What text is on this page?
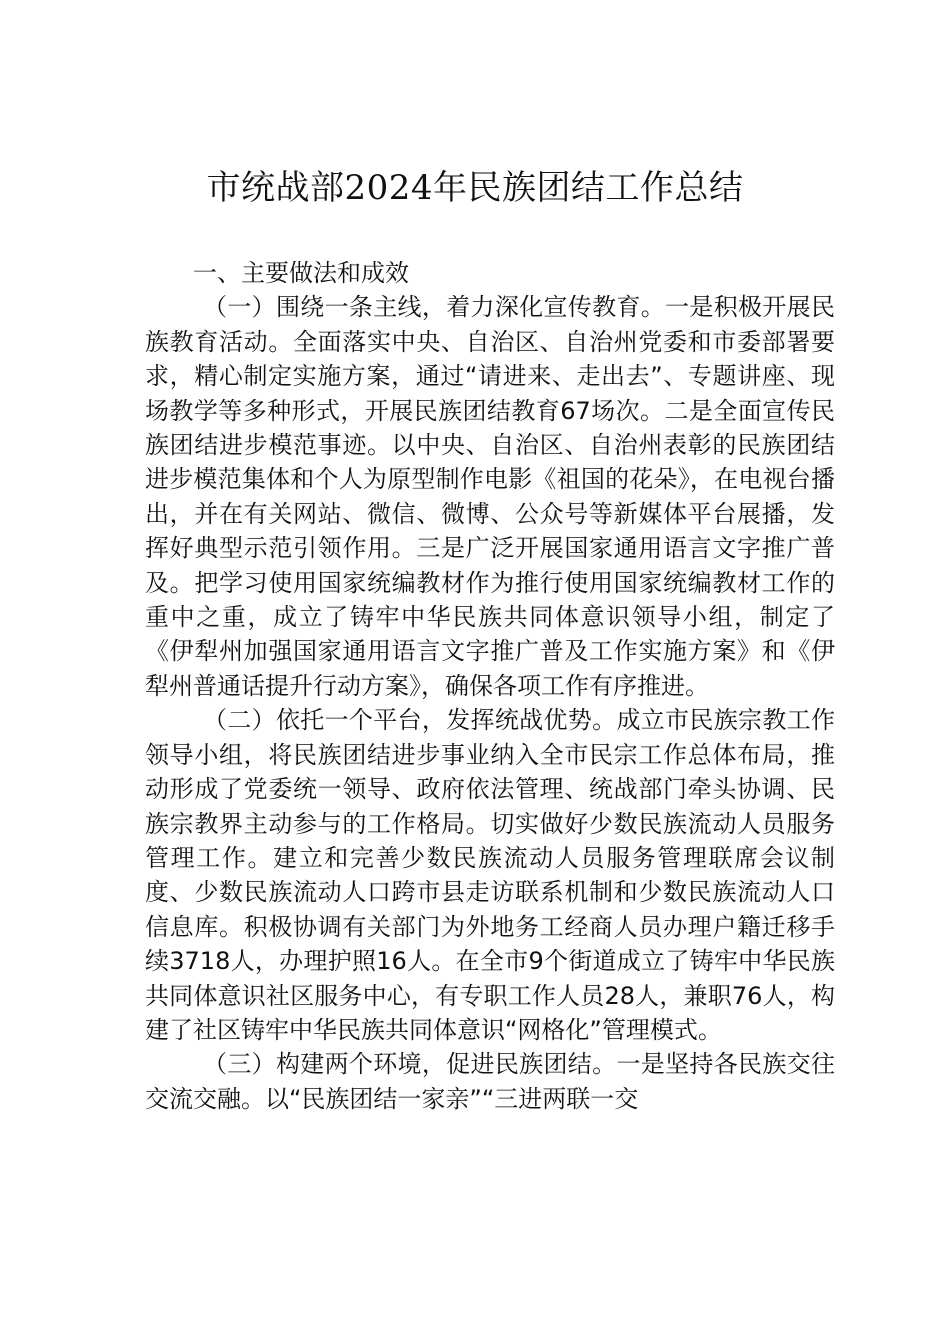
市统战部2024年民族团结工作总结

一、主要做法和成效

（一）围绕一条主线，着力深化宣传教育。一是积极开展民族教育活动。全面落实中央、自治区、自治州党委和市委部署要求，精心制定实施方案，通过“请进来、走出去”、专题讲座、现场教学等多种形式，开展民族团结教育67场次。二是全面宣传民族团结进步模范事迹。以中央、自治区、自治州表彰的民族团结进步模范集体和个人为原型制作电影《祖国的花朵》，在电视台播出，并在有关网站、微信、微博、公众号等新媒体平台展播，发挥好典型示范引领作用。三是广泛开展国家通用语言文字推广普及。把学习使用国家统编教材作为推行使用国家统编教材工作的重中之重，成立了铸牢中华民族共同体意识领导小组，制定了《伊犁州加强国家通用语言文字推广普及工作实施方案》和《伊犁州普通话提升行动方案》，确保各项工作有序推进。

（二）依托一个平台，发挥统战优势。成立市民族宗教工作领导小组，将民族团结进步事业纳入全市民宗工作总体布局，推动形成了党委统一领导、政府依法管理、统战部门牵头协调、民族宗教界主动参与的工作格局。切实做好少数民族流动人员服务管理工作。建立和完善少数民族流动人员服务管理联席会议制度、少数民族流动人口跨市县走访联系机制和少数民族流动人口信息库。积极协调有关部门为外地务工经商人员办理户籍迁移手续3718人，办理护照16人。在全市9个街道成立了铸牢中华民族共同体意识社区服务中心，有专职工作人员28人，兼职76人，构建了社区铸牢中华民族共同体意识“网格化”管理模式。

（三）构建两个环境，促进民族团结。一是坚持各民族交往交流交融。以“民族团结一家亲”“三进两联一交
